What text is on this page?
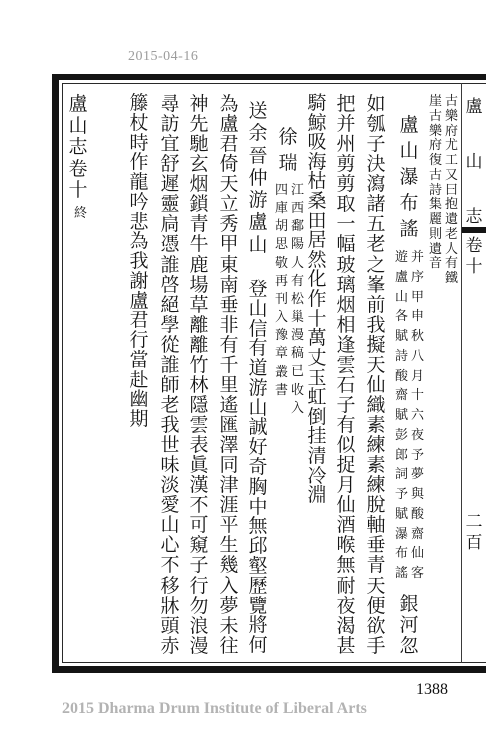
2015-04-16
盧
山
志
卷
十
二
百
古
樂
府
尤
工
又
曰
抱
遺
老
人
有
鐵
崖
古
樂
府
復
古
詩
集
麗
則
遺
音
盧
山
瀑
布
謠
并
序
甲
申
秋
八
月
十
六
夜
予
夢
與
酸
齋
仙
客
遊
盧
山
各
賦
詩
酸
齋
賦
彭
郎
詞
予
賦
瀑
布
謠
銀
河
忽
如
瓠
子
決
瀉
諸
五
老
之
峯
前
我
擬
天
仙
織
素
練
素
練
脫
軸
垂
青
天
便
欲
手
把
并
州
剪
剪
取
一
幅
玻
璃
烟
相
逢
雲
石
子
有
似
捉
月
仙
酒
喉
無
耐
夜
渴
甚
騎
鯨
吸
海
枯
桑
田
居
然
化
作
十
萬
丈
玉
虹
倒
挂
清
冷
淵
徐
瑞
江
西
鄱
陽
人
有
松
巢
漫
稿
已
收
入
四
庫
胡
思
敬
再
刊
入
豫
章
叢
書
送
余
晉
仲
游
盧
山
登
山
信
有
道
游
山
誠
好
奇
胸
中
無
邱
壑
歷
覽
將
何
為
盧
君
倚
天
立
秀
甲
東
南
垂
非
有
千
里
遙
匯
澤
同
津
涯
平
生
幾
入
夢
未
往
神
先
馳
玄
烟
鎖
青
牛
鹿
場
草
離
離
竹
林
隱
雲
表
眞
漢
不
可
窺
子
行
勿
浪
漫
尋
訪
宜
舒
遲
靈
扃
憑
誰
啓
絕
學
從
誰
師
老
我
世
味
淡
愛
山
心
不
移
牀
頭
赤
籐
杖
時
作
龍
吟
悲
為
我
謝
盧
君
行
當
赴
幽
期
盧
山
志
卷
十
終
1388
2015 Dharma Drum Institute of Liberal Arts
